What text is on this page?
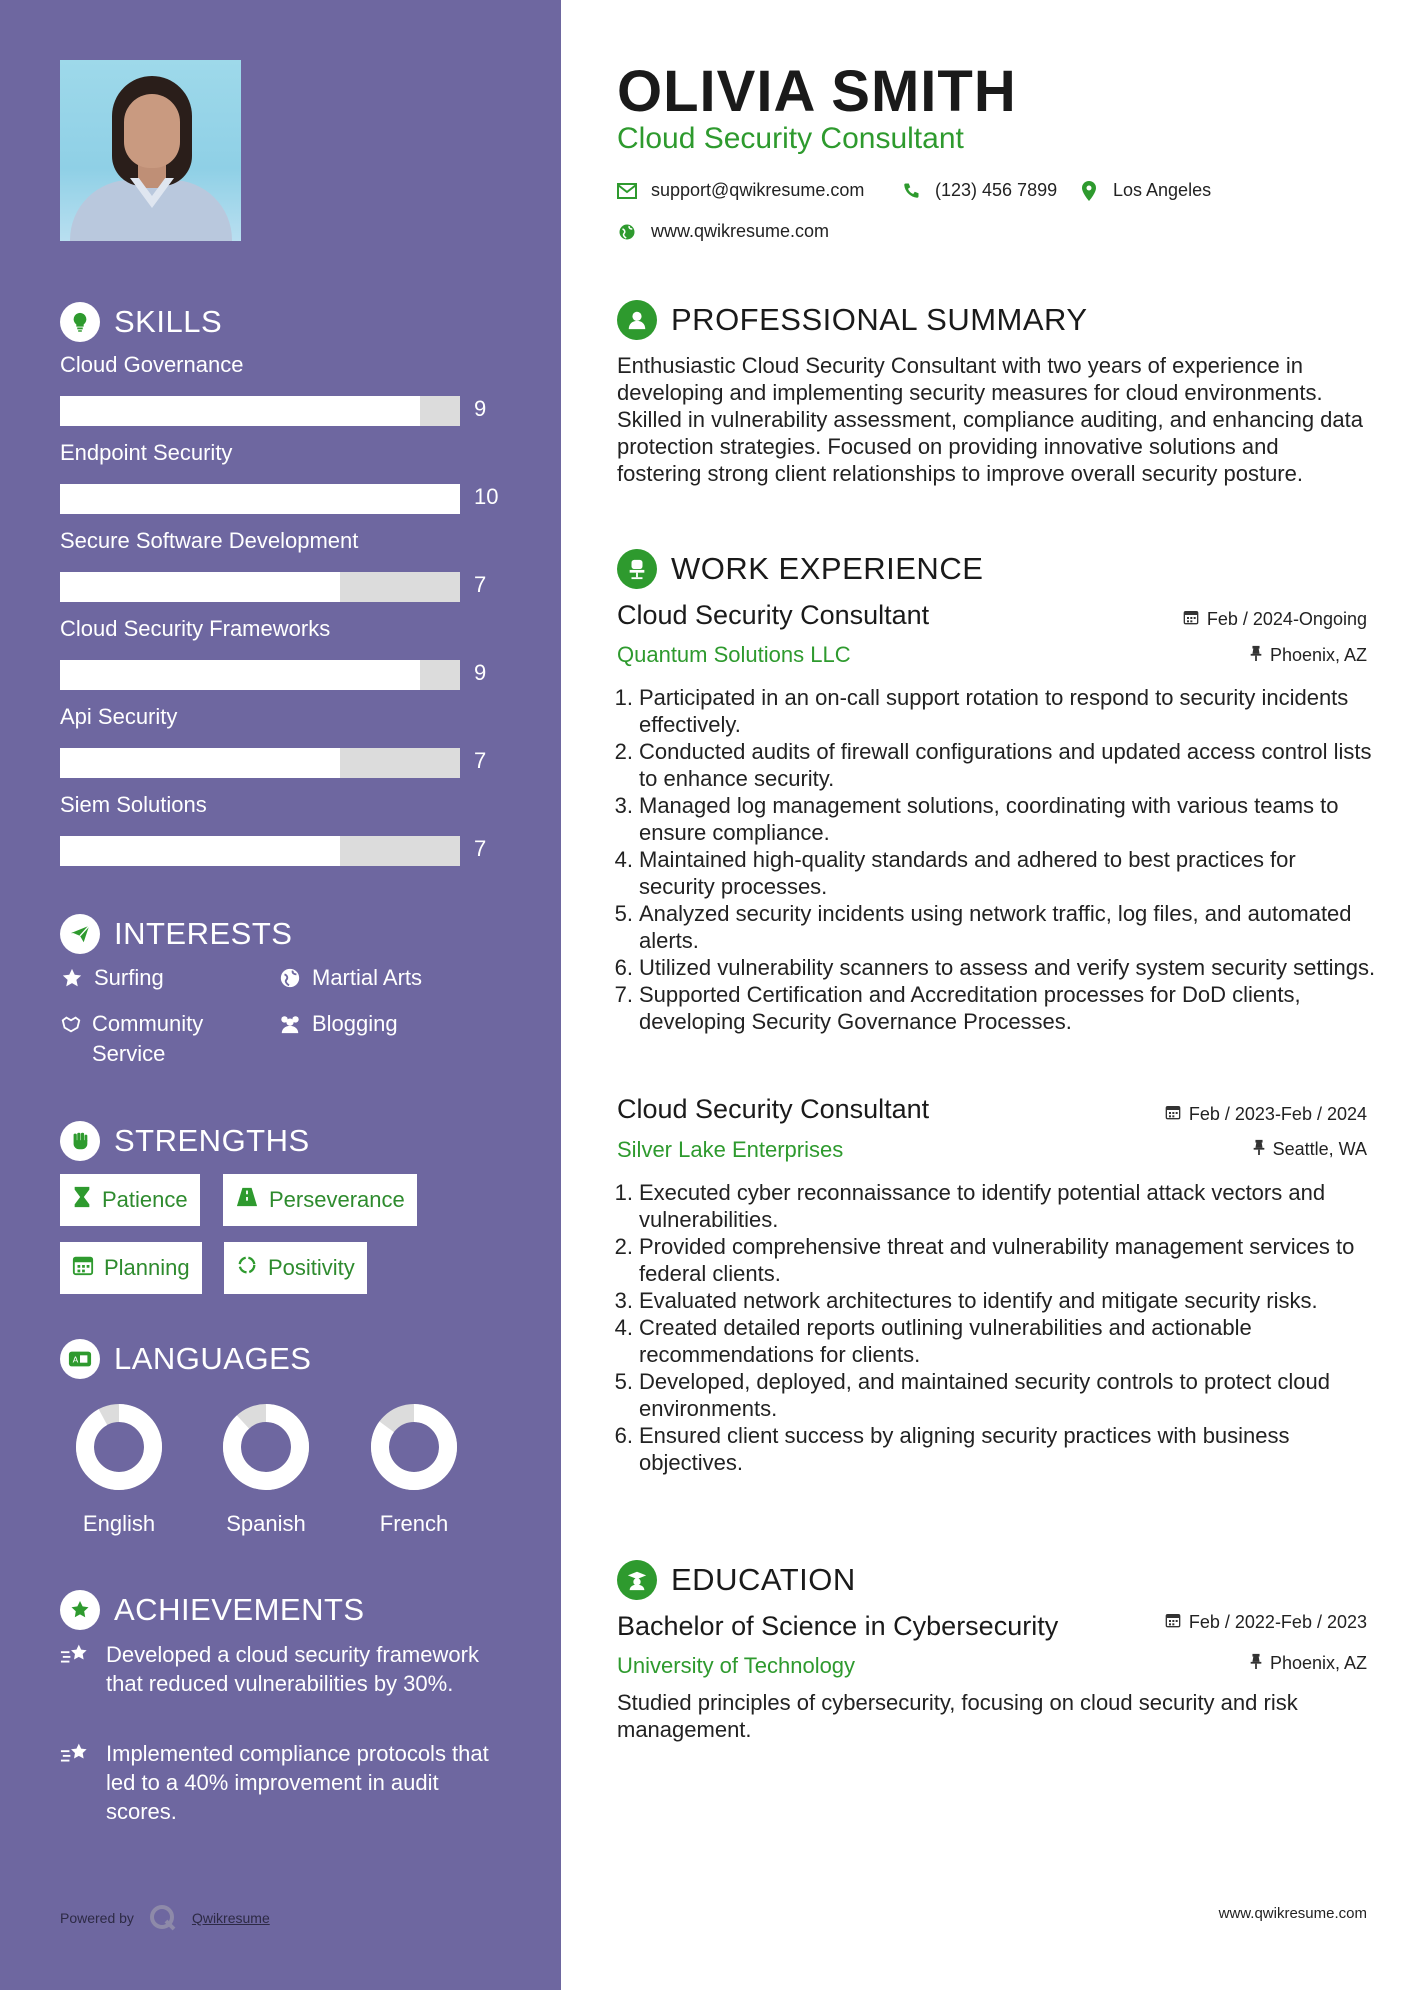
SKILLS
Cloud Governance
9
Endpoint Security
10
Secure Software Development
7
Cloud Security Frameworks
9
Api Security
7
Siem Solutions
7
INTERESTS
Surfing	Martial Arts
Community Service
Blogging
STRENGTHS
Patience	Perseverance
Planning	Positivity
A LANGUAGES
English	Spanish	French
ACHIEVEMENTS
Developed a cloud security framework that reduced vulnerabilities by 30%.
Implemented compliance protocols that led to a 40% improvement in audit scores.
Powered by	Qwikresume
OLIVIA SMITH
Cloud Security Consultant
support@qwikresume.com	(123) 456 7899	Los Angeles
www.qwikresume.com
PROFESSIONAL SUMMARY
Enthusiastic Cloud Security Consultant with two years of experience in developing and implementing security measures for cloud environments. Skilled in vulnerability assessment, compliance auditing, and enhancing data protection strategies. Focused on providing innovative solutions and fostering strong client relationships to improve overall security posture.
WORK EXPERIENCE
Cloud Security Consultant	Feb / 2024-Ongoing
Quantum Solutions LLC	Phoenix, AZ
1. Participated in an on-call support rotation to respond to security incidents effectively.
2. Conducted audits of firewall configurations and updated access control lists to enhance security.
3. Managed log management solutions, coordinating with various teams to ensure compliance.
4. Maintained high-quality standards and adhered to best practices for security processes.
5. Analyzed security incidents using network traffic, log files, and automated alerts.
6. Utilized vulnerability scanners to assess and verify system security settings.
7. Supported Certification and Accreditation processes for DoD clients, developing Security Governance Processes.
Cloud Security Consultant	Feb / 2023-Feb / 2024
Silver Lake Enterprises	Seattle, WA
1. Executed cyber reconnaissance to identify potential attack vectors and vulnerabilities.
2. Provided comprehensive threat and vulnerability management services to federal clients.
3. Evaluated network architectures to identify and mitigate security risks.
4. Created detailed reports outlining vulnerabilities and actionable recommendations for clients.
5. Developed, deployed, and maintained security controls to protect cloud environments.
6. Ensured client success by aligning security practices with business objectives.
EDUCATION
Bachelor of Science in Cybersecurity	Feb / 2022-Feb / 2023
University of Technology	Phoenix, AZ
Studied principles of cybersecurity, focusing on cloud security and risk management.
www.qwikresume.com
